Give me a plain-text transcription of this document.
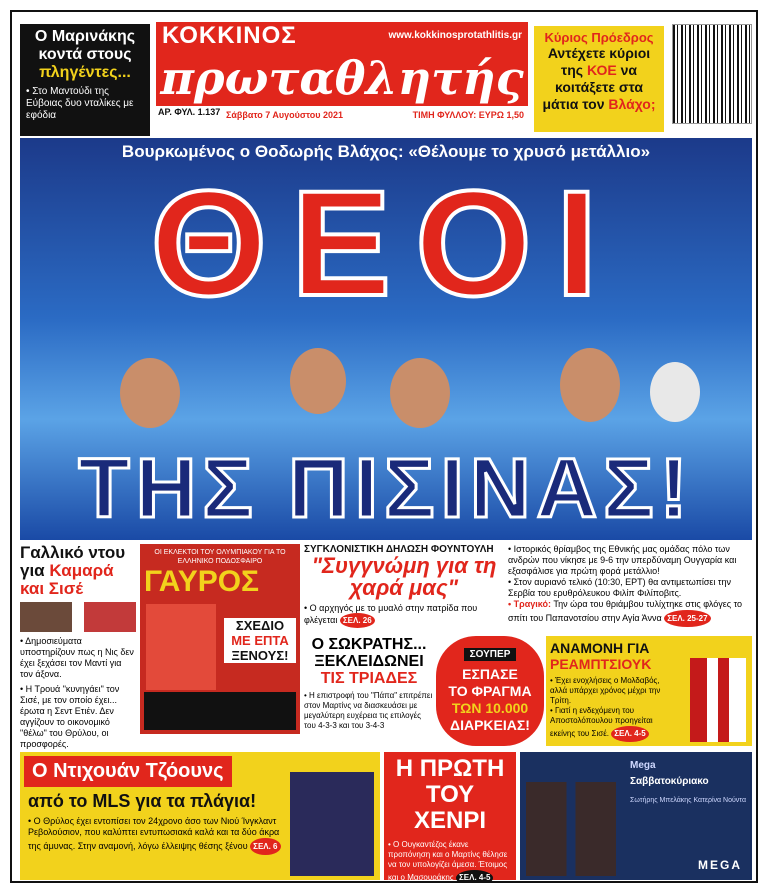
Ο Μαρινάκης κοντά στους
πληγέντες...
• Στο Μαντούδι της Εύβοιας δυο νταλίκες με εφόδια
ΚΟΚΚΙΝΟΣ	www.kokkinosprotathlitis.gr
πρωταθλητής
ΑΡ. ΦΥΛ. 1.137 Σάββατο 7 Αυγούστου 2021	ΤΙΜΗ ΦΥΛΛΟΥ: ΕΥΡΩ 1,50
Κύριος Πρόεδρος
Αντέχετε κύριοι της ΚΟΕ να κοιτάξετε στα μάτια τον Βλάχο;
Βουρκωμένος ο Θοδωρής Βλάχος: «Θέλουμε το χρυσό μετάλλιο»
ΘΕΟΙ
ΤΗΣ ΠΙΣΙΝΑΣ!
Γαλλικό ντου για Καμαρά και Σισέ
• Δημοσιεύματα υποστηρίζουν πως η Νις δεν έχει ξεχάσει τον Μαντί για τον άξονα.
• Η Τρουά "κυνηγάει" τον Σισέ, με τον οποίο έχει... έρωτα η Σεντ Ετιέν. Δεν αγγίζουν το οικονομικό "θέλω" του Θρύλου, οι προσφορές.
ΟΙ ΕΚΛΕΚΤΟΙ ΤΟΥ ΟΛΥΜΠΙΑΚΟΥ ΓΙΑ ΤΟ ΕΛΛΗΝΙΚΟ ΠΟΔΟΣΦΑΙΡΟ
ΓΑΥΡΟΣ
ΣΧΕΔΙΟ
ΜΕ ΕΠΤΑ
ΞΕΝΟΥΣ!
ΣΥΓΚΛΟΝΙΣΤΙΚΗ ΔΗΛΩΣΗ ΦΟΥΝΤΟΥΛΗ
"Συγγνώμη για τη χαρά μας"
• Ο αρχηγός με το μυαλό στην πατρίδα που φλέγεται ΣΕΛ. 26
• Ιστορικός θρίαμβος της Εθνικής μας ομάδας πόλο των ανδρών που νίκησε με 9-6 την υπερδύναμη Ουγγαρία και εξασφάλισε για πρώτη φορά μετάλλιο!
• Στον αυριανό τελικό (10:30, ΕΡΤ) θα αντιμετωπίσει την Σερβία του ερυθρόλευκου Φιλίπ Φιλίποβιτς.
• Τραγικό: Την ώρα του θριάμβου τυλίχτηκε στις φλόγες το σπίτι του Παπανοτσίου στην Αγία Άννα ΣΕΛ. 25-27
Ο ΣΩΚΡΑΤΗΣ...
ΞΕΚΛΕΙΔΩΝΕΙ
ΤΙΣ ΤΡΙΑΔΕΣ
• Η επιστροφή του "Πάπα" επιτρέπει στον Μαρτίνς να διασκευάσει με μεγαλύτερη ευχέρεια τις επιλογές του 4-3-3 και του 3-4-3
ΣΟΥΠΕΡ
ΕΣΠΑΣΕ
ΤΟ ΦΡΑΓΜΑ
ΤΩΝ 10.000
ΔΙΑΡΚΕΙΑΣ!
ΑΝΑΜΟΝΗ ΓΙΑ
ΡΕΑΜΠΤΣΙΟΥΚ
• Έχει ενοχλήσεις ο Μολδαβός, αλλά υπάρχει χρόνος μέχρι την Τρίτη.
• Γιατί η ενδεχόμενη του Αποστολόπουλου προηγείται εκείνης του Σισέ. ΣΕΛ. 4-5
Ο Ντιχουάν Τζόουνς
από το MLS για τα πλάγια!
• Ο Θρύλος έχει εντοπίσει τον 24χρονο άσο των Νιού Ίνγκλαντ Ρεβολούσιον, που καλύπτει εντυπωσιακά καλά και τα δύο άκρα της άμυνας. Στην αναμονή, λόγω έλλειψης θέσης ξένου ΣΕΛ. 6
Η ΠΡΩΤΗ
ΤΟΥ ΧΕΝΡΙ
• Ο Ουγκαντέζος έκανε προπόνηση και ο Μαρτίνς θέλησε να τον υπολογίζει άμεσα. Έτοιμος και ο Μασουράκης ΣΕΛ. 4-5
Mega
Σαββατοκύριακο
Σωτήρης Μπελάκης Κατερίνα Νούντα
MEGA
